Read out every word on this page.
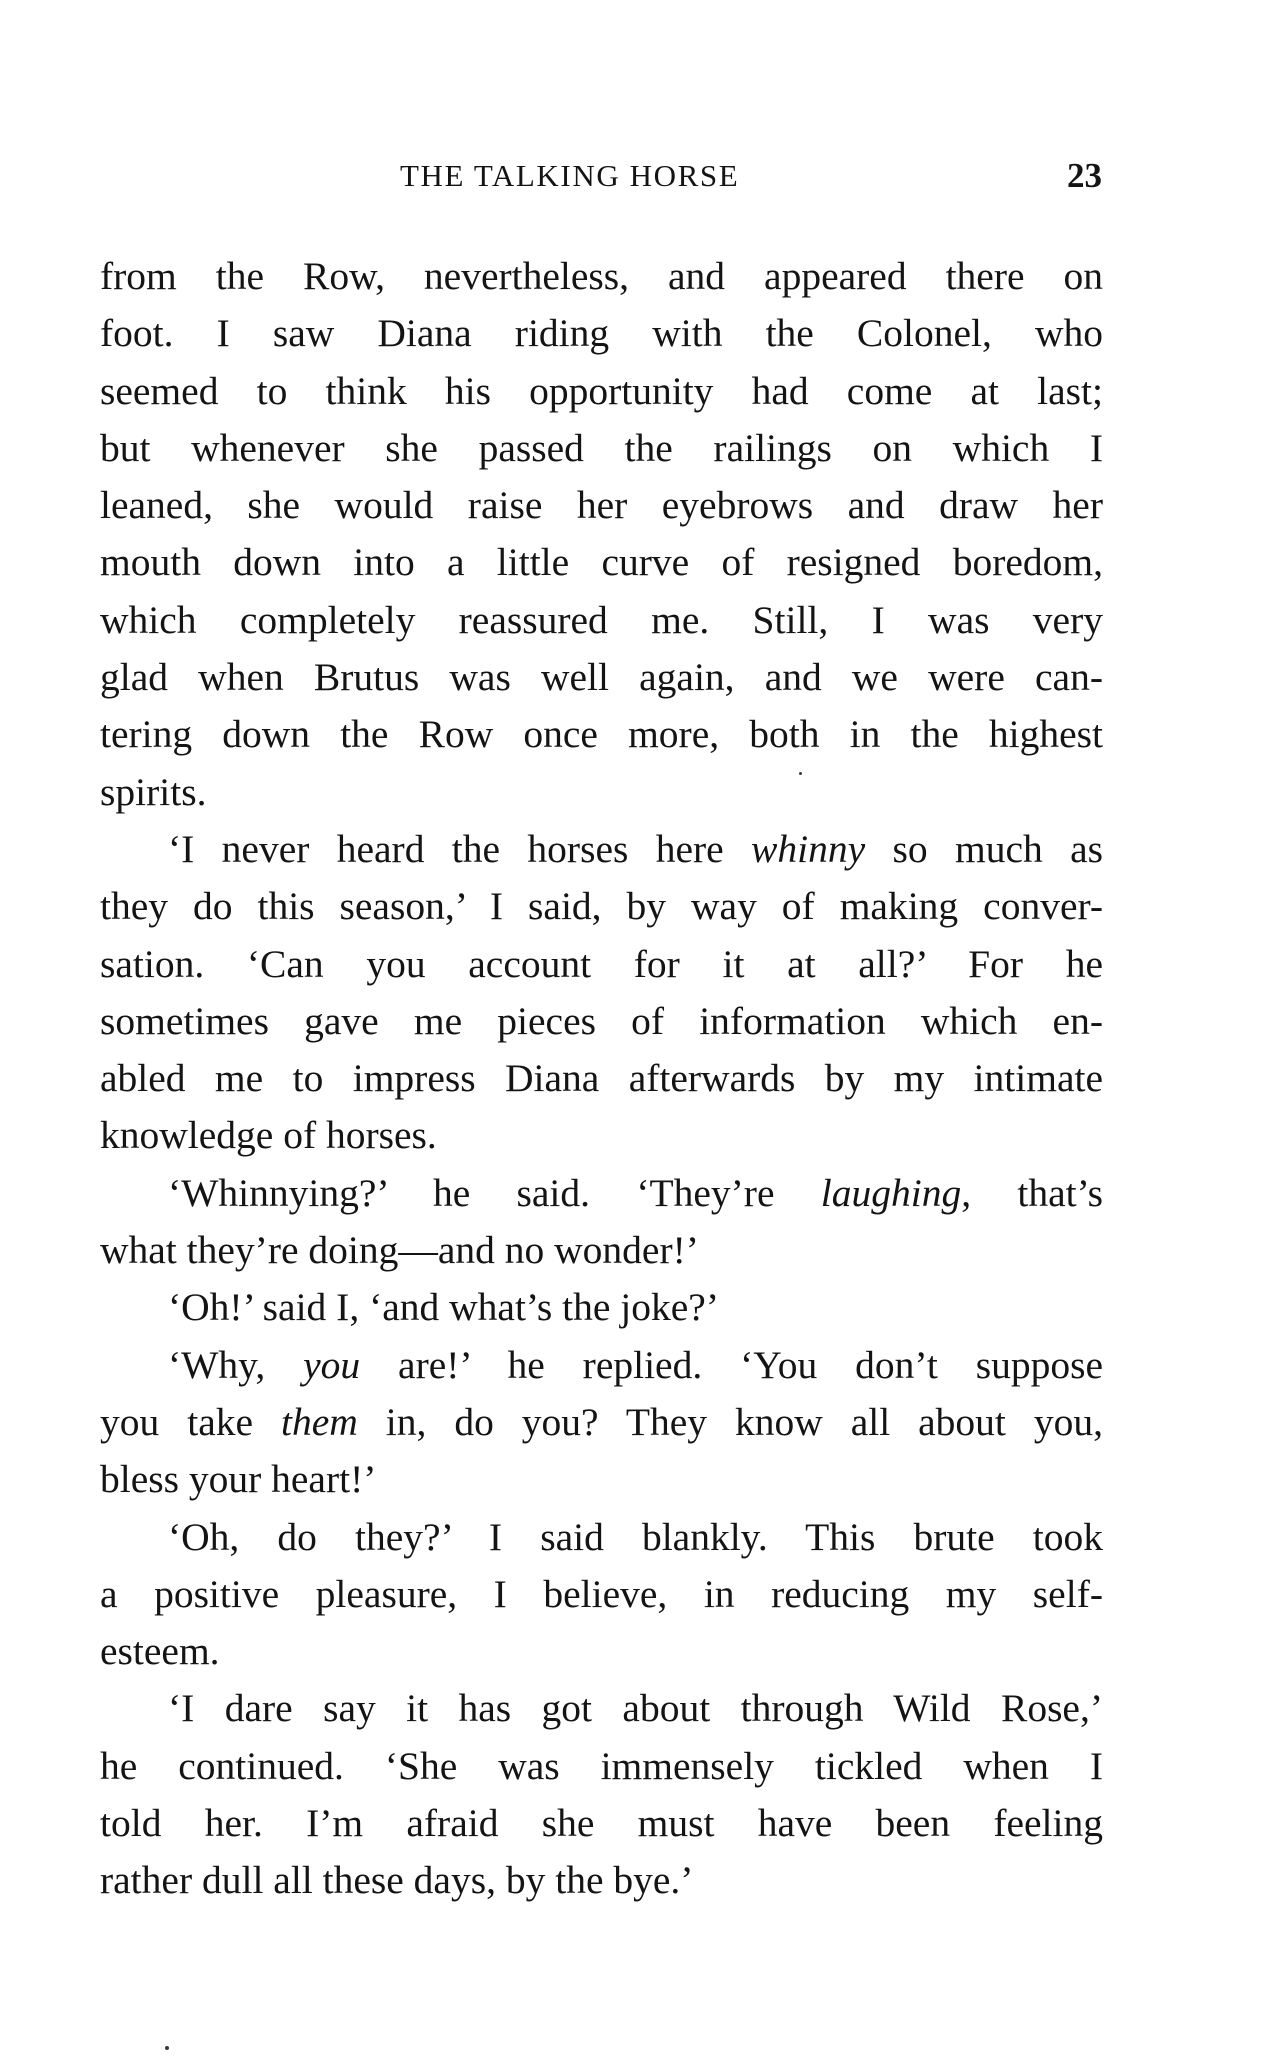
THE TALKING HORSE	23
from the Row, nevertheless, and appeared there on
foot. I saw Diana riding with the Colonel, who
seemed to think his opportunity had come at last;
but whenever she passed the railings on which I
leaned, she would raise her eyebrows and draw her
mouth down into a little curve of resigned boredom,
which completely reassured me. Still, I was very
glad when Brutus was well again, and we were can-
tering down the Row once more, both in the highest
spirits.
‘I never heard the horses here whinny so much as
they do this season,’ I said, by way of making conver-
sation. ‘Can you account for it at all?’ For he
sometimes gave me pieces of information which en-
abled me to impress Diana afterwards by my intimate
knowledge of horses.
‘Whinnying?’ he said. ‘They’re laughing, that’s
what they’re doing—and no wonder!’
‘Oh!’ said I, ‘and what’s the joke?’
‘Why, you are!’ he replied. ‘You don’t suppose
you take them in, do you? They know all about you,
bless your heart!’
‘Oh, do they?’ I said blankly. This brute took
a positive pleasure, I believe, in reducing my self-
esteem.
‘I dare say it has got about through Wild Rose,’
he continued. ‘She was immensely tickled when I
told her. I’m afraid she must have been feeling
rather dull all these days, by the bye.’
